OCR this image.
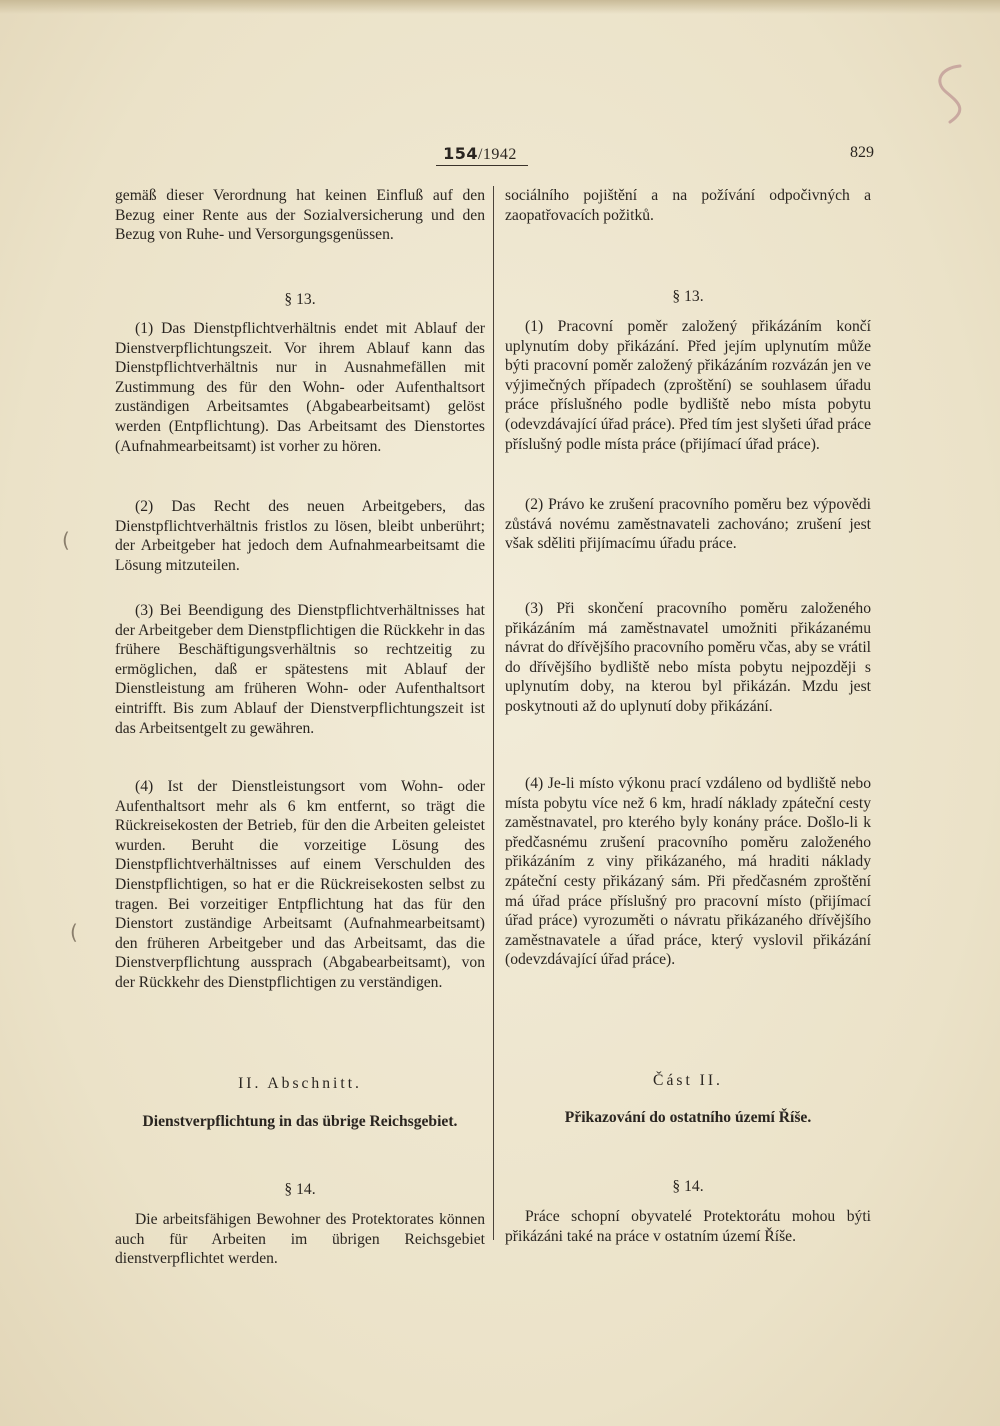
154/1942	829

gemäß dieser Verordnung hat keinen Einfluß auf den Bezug einer Rente aus der Sozialversicherung und den Bezug von Ruhe- und Versorgungsgenüssen.

§ 13.

(1) Das Dienstpflichtverhältnis endet mit Ablauf der Dienstverpflichtungszeit. Vor ihrem Ablauf kann das Dienstpflichtverhältnis nur in Ausnahmefällen mit Zustimmung des für den Wohn- oder Aufenthaltsort zuständigen Arbeitsamtes (Abgabearbeitsamt) gelöst werden (Entpflichtung). Das Arbeitsamt des Dienstortes (Aufnahmearbeitsamt) ist vorher zu hören.

(2) Das Recht des neuen Arbeitgebers, das Dienstpflichtverhältnis fristlos zu lösen, bleibt unberührt; der Arbeitgeber hat jedoch dem Aufnahmearbeitsamt die Lösung mitzuteilen.

(3) Bei Beendigung des Dienstpflichtverhältnisses hat der Arbeitgeber dem Dienstpflichtigen die Rückkehr in das frühere Beschäftigungsverhältnis so rechtzeitig zu ermöglichen, daß er spätestens mit Ablauf der Dienstleistung am früheren Wohn- oder Aufenthaltsort eintrifft. Bis zum Ablauf der Dienstverpflichtungszeit ist das Arbeitsentgelt zu gewähren.

(4) Ist der Dienstleistungsort vom Wohn- oder Aufenthaltsort mehr als 6 km entfernt, so trägt die Rückreisekosten der Betrieb, für den die Arbeiten geleistet wurden. Beruht die vorzeitige Lösung des Dienstpflichtverhältnisses auf einem Verschulden des Dienstpflichtigen, so hat er die Rückreisekosten selbst zu tragen. Bei vorzeitiger Entpflichtung hat das für den Dienstort zuständige Arbeitsamt (Aufnahmearbeitsamt) den früheren Arbeitgeber und das Arbeitsamt, das die Dienstverpflichtung aussprach (Abgabearbeitsamt), von der Rückkehr des Dienstpflichtigen zu verständigen.

II. Abschnitt.

Dienstverpflichtung in das übrige Reichsgebiet.

§ 14.

Die arbeitsfähigen Bewohner des Protektorates können auch für Arbeiten im übrigen Reichsgebiet dienstverpflichtet werden.

sociálního pojištění a na požívání odpočivných a zaopatřovacích požitků.

§ 13.

(1) Pracovní poměr založený přikázáním končí uplynutím doby přikázání. Před jejím uplynutím může býti pracovní poměr založený přikázáním rozvázán jen ve výjimečných případech (zproštění) se souhlasem úřadu práce příslušného podle bydliště nebo místa pobytu (odevzdávající úřad práce). Před tím jest slyšeti úřad práce příslušný podle místa práce (přijímací úřad práce).

(2) Právo ke zrušení pracovního poměru bez výpovědi zůstává novému zaměstnavateli zachováno; zrušení jest však sděliti přijímacímu úřadu práce.

(3) Při skončení pracovního poměru založeného přikázáním má zaměstnavatel umožniti přikázanému návrat do dřívějšího pracovního poměru včas, aby se vrátil do dřívějšího bydliště nebo místa pobytu nejpozději s uplynutím doby, na kterou byl přikázán. Mzdu jest poskytnouti až do uplynutí doby přikázání.

(4) Je-li místo výkonu prací vzdáleno od bydliště nebo místa pobytu více než 6 km, hradí náklady zpáteční cesty zaměstnavatel, pro kterého byly konány práce. Došlo-li k předčasnému zrušení pracovního poměru založeného přikázáním z viny přikázaného, má hraditi náklady zpáteční cesty přikázaný sám. Při předčasném zproštění má úřad práce příslušný pro pracovní místo (přijímací úřad práce) vyrozuměti o návratu přikázaného dřívějšího zaměstnavatele a úřad práce, který vyslovil přikázání (odevzdávající úřad práce).

Část II.

Přikazování do ostatního území Říše.

§ 14.

Práce schopní obyvatelé Protektorátu mohou býti přikázáni také na práce v ostatním území Říše.

(
(
